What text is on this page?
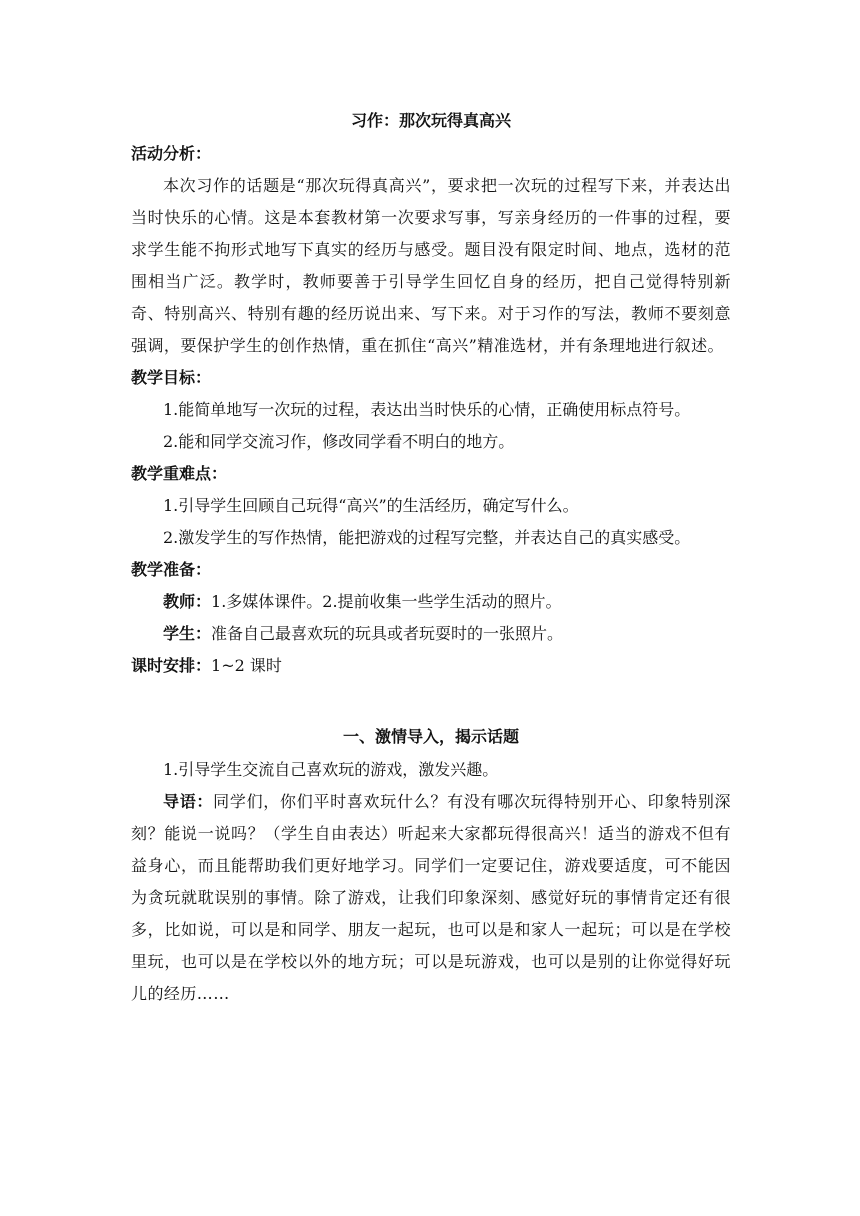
习作：那次玩得真高兴
活动分析：

本次习作的话题是“那次玩得真高兴”，要求把一次玩的过程写下来，并表达出当时快乐的心情。这是本套教材第一次要求写事，写亲身经历的一件事的过程，要求学生能不拘形式地写下真实的经历与感受。题目没有限定时间、地点，选材的范围相当广泛。教学时，教师要善于引导学生回忆自身的经历，把自己觉得特别新奇、特别高兴、特别有趣的经历说出来、写下来。对于习作的写法，教师不要刻意强调，要保护学生的创作热情，重在抓住“高兴”精准选材，并有条理地进行叙述。

教学目标：

1.能简单地写一次玩的过程，表达出当时快乐的心情，正确使用标点符号。

2.能和同学交流习作，修改同学看不明白的地方。

教学重难点：

1.引导学生回顾自己玩得“高兴”的生活经历，确定写什么。

2.激发学生的写作热情，能把游戏的过程写完整，并表达自己的真实感受。

教学准备：

教师：1.多媒体课件。2.提前收集一些学生活动的照片。

学生：准备自己最喜欢玩的玩具或者玩耍时的一张照片。

课时安排：1~2 课时
一、激情导入，揭示话题

1.引导学生交流自己喜欢玩的游戏，激发兴趣。

导语：同学们，你们平时喜欢玩什么？有没有哪次玩得特别开心、印象特别深刻？能说一说吗？（学生自由表达）听起来大家都玩得很高兴！适当的游戏不但有益身心，而且能帮助我们更好地学习。同学们一定要记住，游戏要适度，可不能因为贪玩就耽误别的事情。除了游戏，让我们印象深刻、感觉好玩的事情肯定还有很多，比如说，可以是和同学、朋友一起玩，也可以是和家人一起玩；可以是在学校里玩，也可以是在学校以外的地方玩；可以是玩游戏，也可以是别的让你觉得好玩儿的经历……
